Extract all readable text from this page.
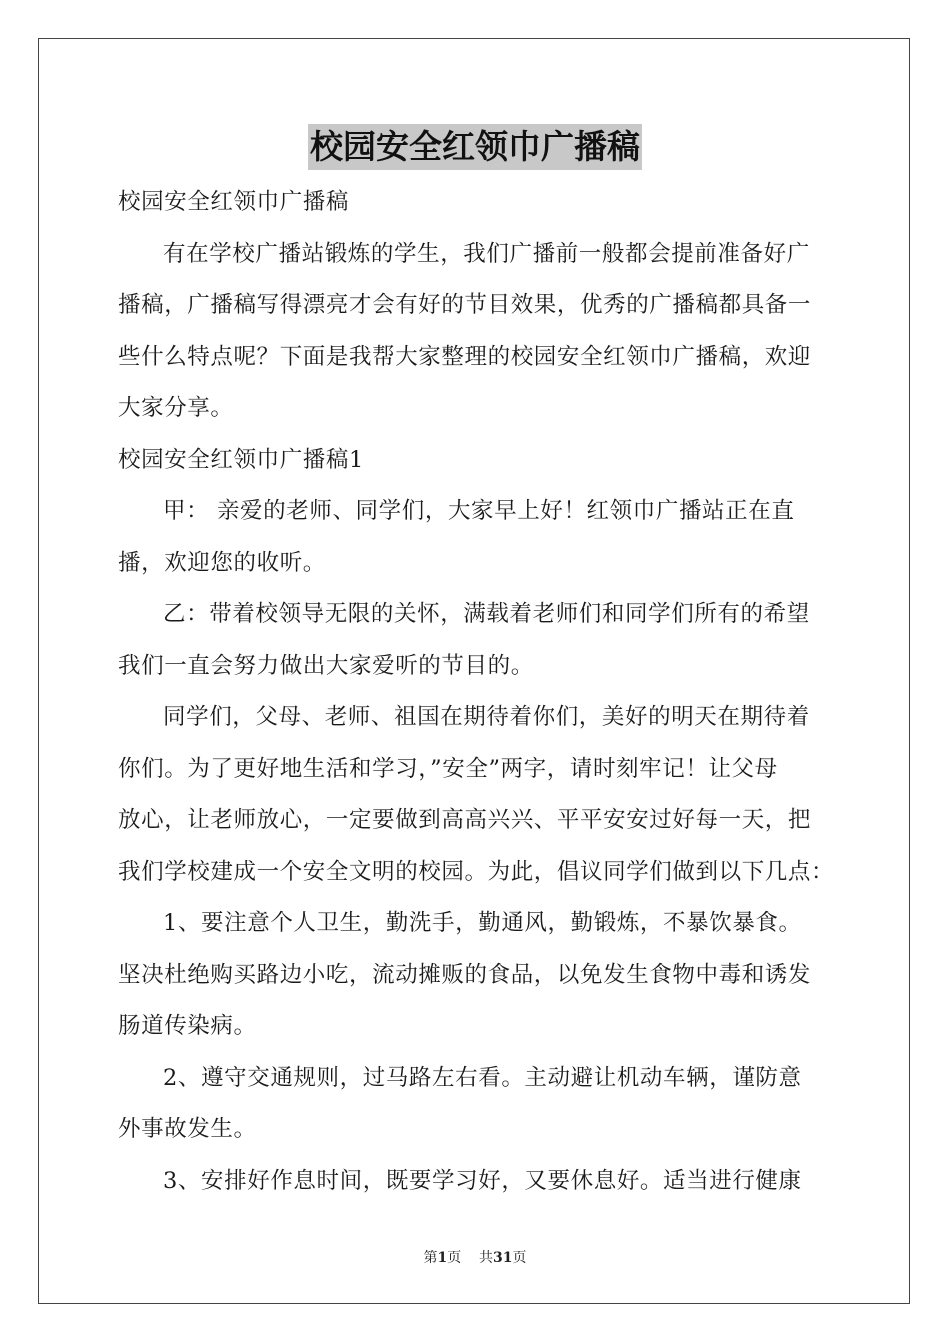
校园安全红领巾广播稿
校园安全红领巾广播稿
有在学校广播站锻炼的学生，我们广播前一般都会提前准备好广
播稿，广播稿写得漂亮才会有好的节目效果，优秀的广播稿都具备一
些什么特点呢？下面是我帮大家整理的校园安全红领巾广播稿，欢迎
大家分享。
校园安全红领巾广播稿1
甲： 亲爱的老师、同学们，大家早上好！红领巾广播站正在直
播，欢迎您的收听。
乙：带着校领导无限的关怀，满载着老师们和同学们所有的希望
我们一直会努力做出大家爱听的节目的。
同学们，父母、老师、祖国在期待着你们，美好的明天在期待着
你们。为了更好地生活和学习，”安全”两字，请时刻牢记！让父母
放心，让老师放心，一定要做到高高兴兴、平平安安过好每一天，把
我们学校建成一个安全文明的校园。为此，倡议同学们做到以下几点：
1、要注意个人卫生，勤洗手，勤通风，勤锻炼，不暴饮暴食。
坚决杜绝购买路边小吃，流动摊贩的食品，以免发生食物中毒和诱发
肠道传染病。
2、遵守交通规则，过马路左右看。主动避让机动车辆，谨防意
外事故发生。
3、安排好作息时间，既要学习好，又要休息好。适当进行健康
第1页    共31页
